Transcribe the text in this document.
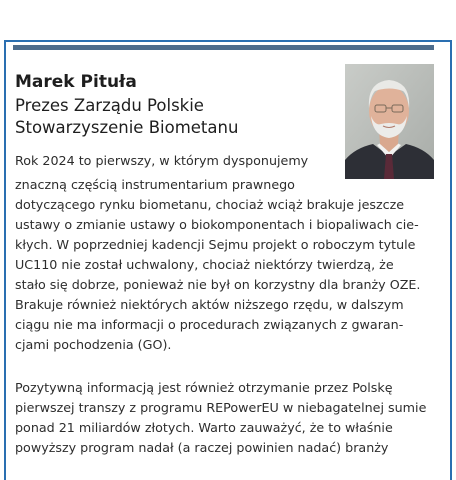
Marek Pituła
Prezes Zarządu Polskie
Stowarzyszenie Biometanu

Rok 2024 to pierwszy, w którym dysponujemy

znaczną częścią instrumentarium prawnego
dotyczącego rynku biometanu, chociaż wciąż brakuje jeszcze
ustawy o zmianie ustawy o biokomponentach i biopaliwach cie-
kłych. W poprzedniej kadencji Sejmu projekt o roboczym tytule
UC110 nie został uchwalony, chociaż niektórzy twierdzą, że
stało się dobrze, ponieważ nie był on korzystny dla branży OZE.
Brakuje również niektórych aktów niższego rzędu, w dalszym
ciągu nie ma informacji o procedurach związanych z gwaran-
cjami pochodzenia (GO).

Pozytywną informacją jest również otrzymanie przez Polskę
pierwszej transzy z programu REPowerEU w niebagatelnej sumie
ponad 21 miliardów złotych. Warto zauważyć, że to właśnie
powyższy program nadał (a raczej powinien nadać) branży
